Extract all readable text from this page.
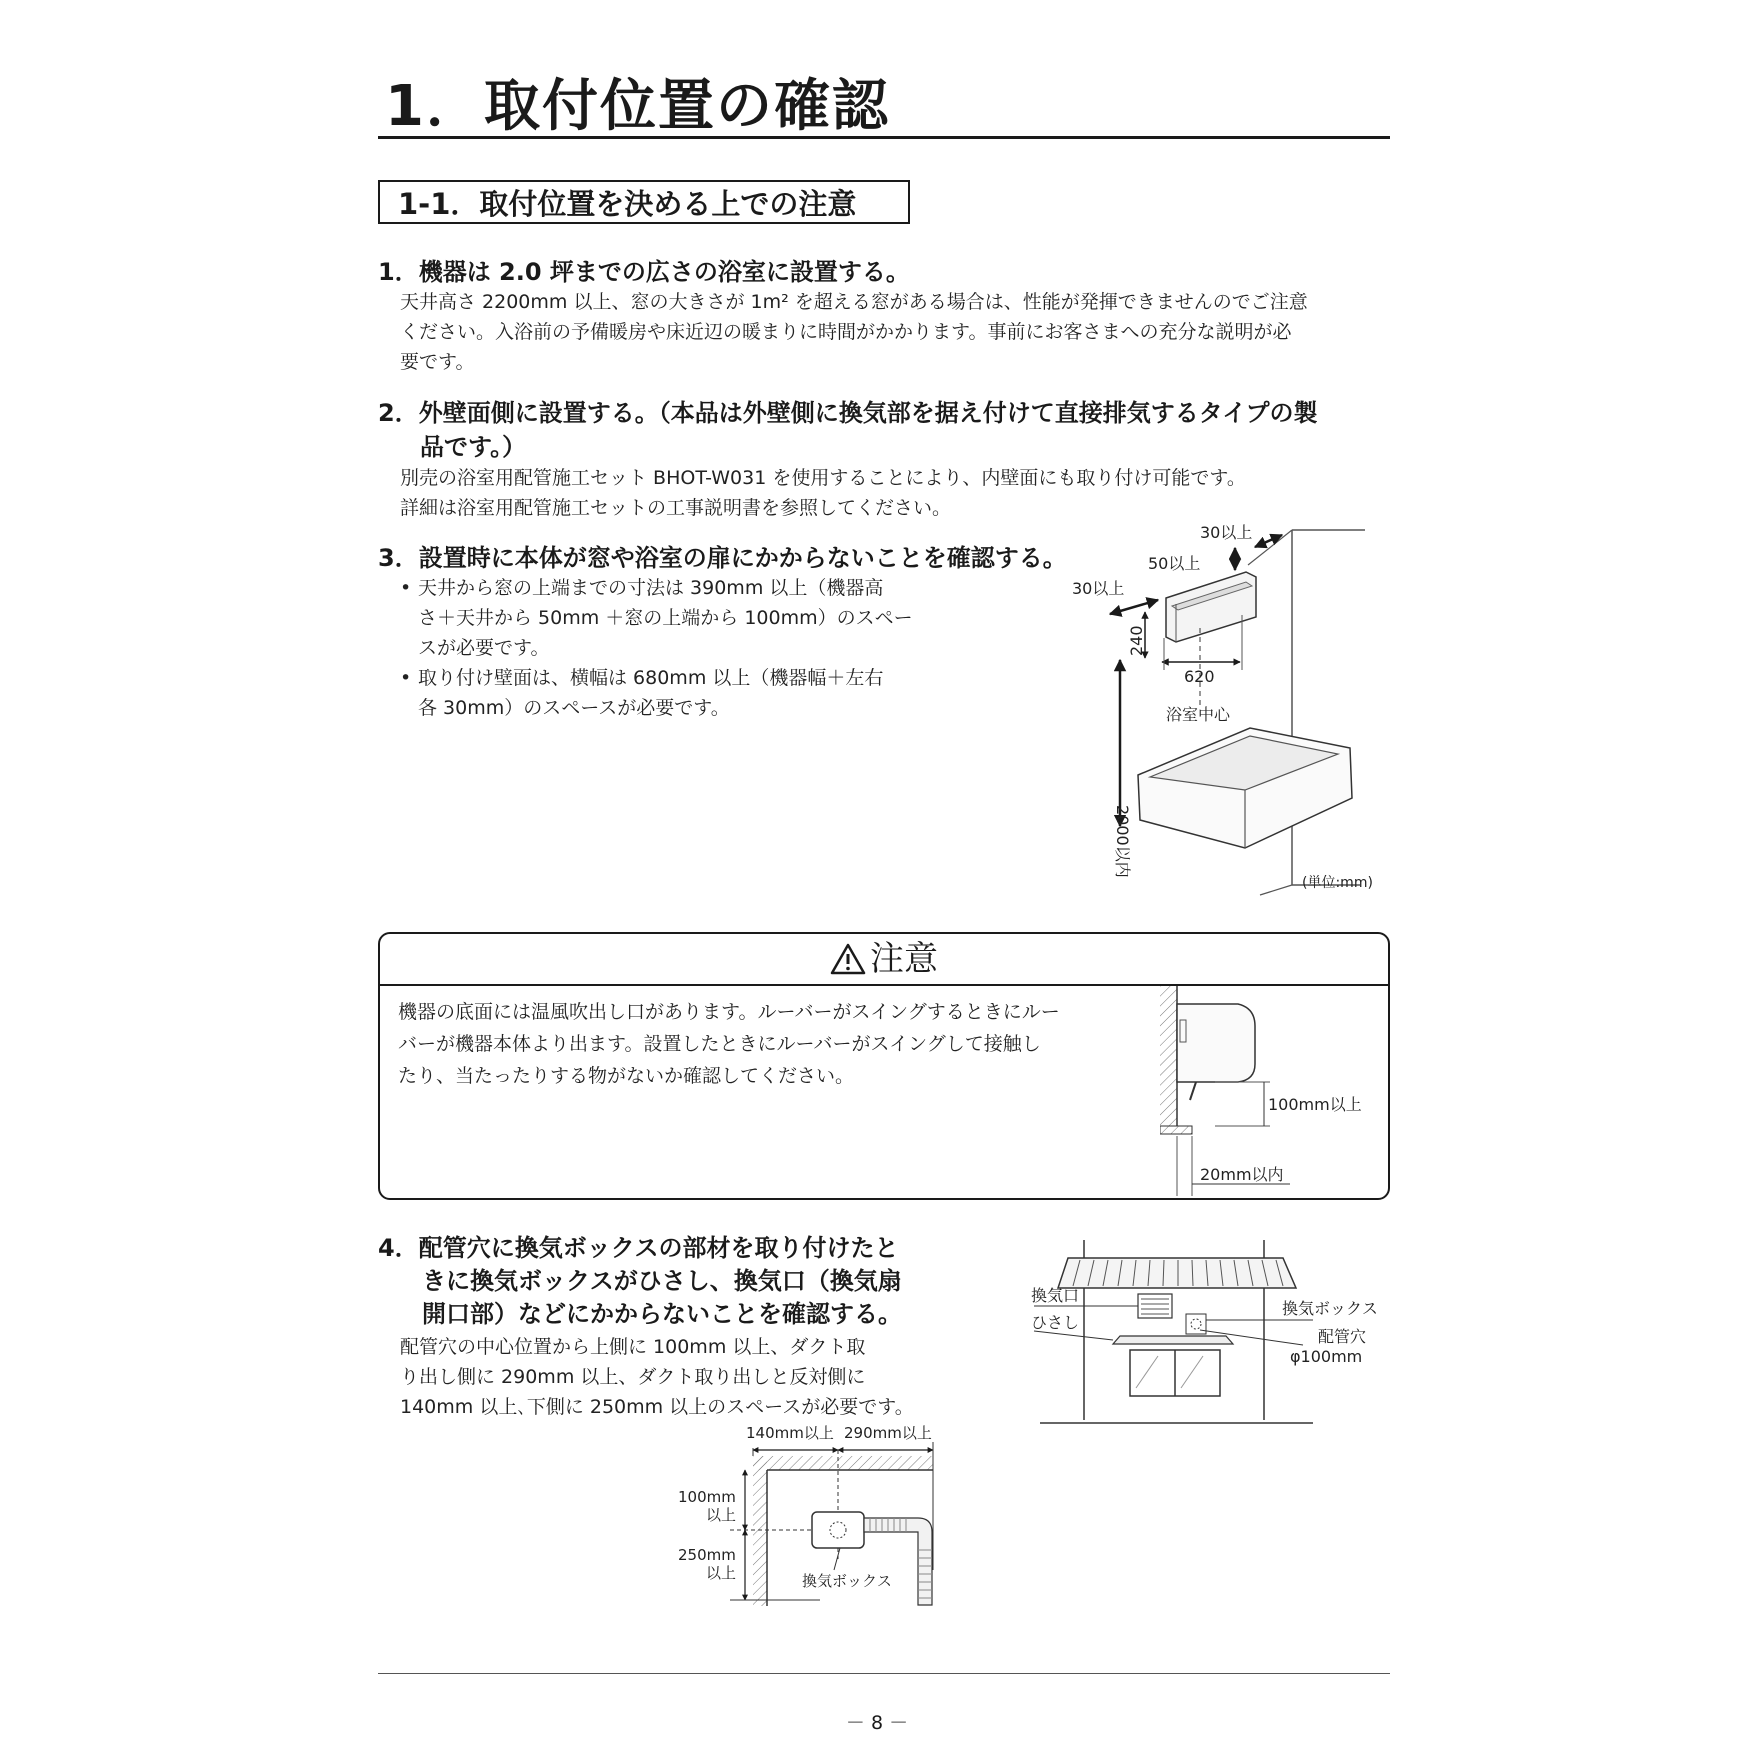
1．取付位置の確認
1-1．取付位置を決める上での注意
1．機器は 2.0 坪までの広さの浴室に設置する。
天井高さ 2200mm 以上、窓の大きさが 1m² を超える窓がある場合は、性能が発揮できませんのでご注意
ください。入浴前の予備暖房や床近辺の暖まりに時間がかかります。事前にお客さまへの充分な説明が必
要です。
2．外壁面側に設置する。（本品は外壁側に換気部を据え付けて直接排気するタイプの製
品です。）
別売の浴室用配管施工セット BHOT-W031 を使用することにより、内壁面にも取り付け可能です。
詳細は浴室用配管施工セットの工事説明書を参照してください。
3．設置時に本体が窓や浴室の扉にかからないことを確認する。
• 天井から窓の上端までの寸法は 390mm 以上（機器高
さ＋天井から 50mm ＋窓の上端から 100mm）のスペー
スが必要です。
• 取り付け壁面は、横幅は 680mm 以上（機器幅＋左右
各 30mm）のスペースが必要です。
30以上
50以上
30以上
240
620
浴室中心
2000以内
(単位:mm)
注意
機器の底面には温風吹出し口があります。ルーバーがスイングするときにルー
バーが機器本体より出ます。設置したときにルーバーがスイングして接触し
たり、当たったりする物がないか確認してください。
100mm以上
20mm以内
4．配管穴に換気ボックスの部材を取り付けたと
きに換気ボックスがひさし、換気口（換気扇
開口部）などにかからないことを確認する。
配管穴の中心位置から上側に 100mm 以上、ダクト取
り出し側に 290mm 以上、ダクト取り出しと反対側に
140mm 以上､下側に 250mm 以上のスペースが必要です。
換気口
ひさし
換気ボックス
配管穴
φ100mm
140mm以上 290mm以上
100mm
以上
250mm
以上	換気ボックス
－ 8 －
